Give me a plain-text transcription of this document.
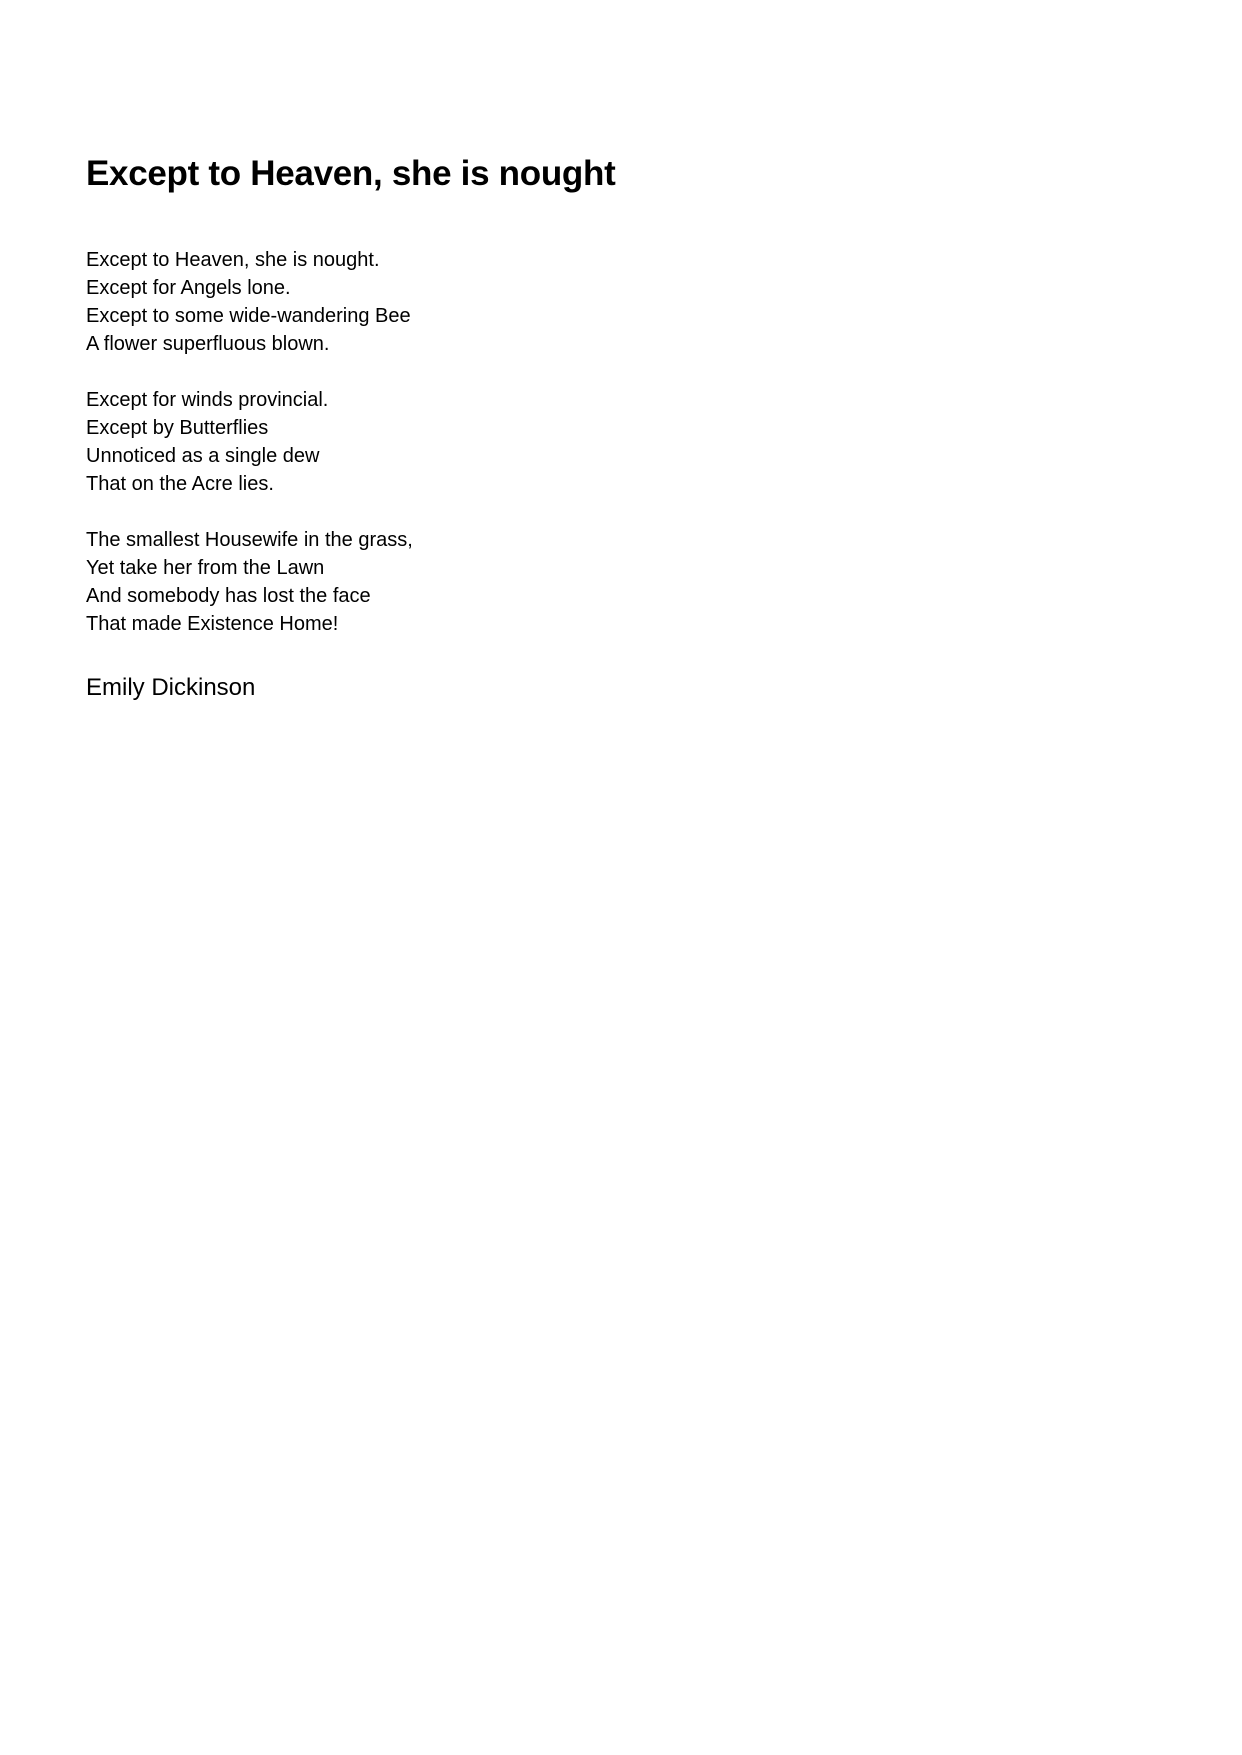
Except to Heaven, she is nought
Except to Heaven, she is nought.
Except for Angels lone.
Except to some wide-wandering Bee
A flower superfluous blown.
Except for winds provincial.
Except by Butterflies
Unnoticed as a single dew
That on the Acre lies.
The smallest Housewife in the grass,
Yet take her from the Lawn
And somebody has lost the face
That made Existence Home!

Emily Dickinson
